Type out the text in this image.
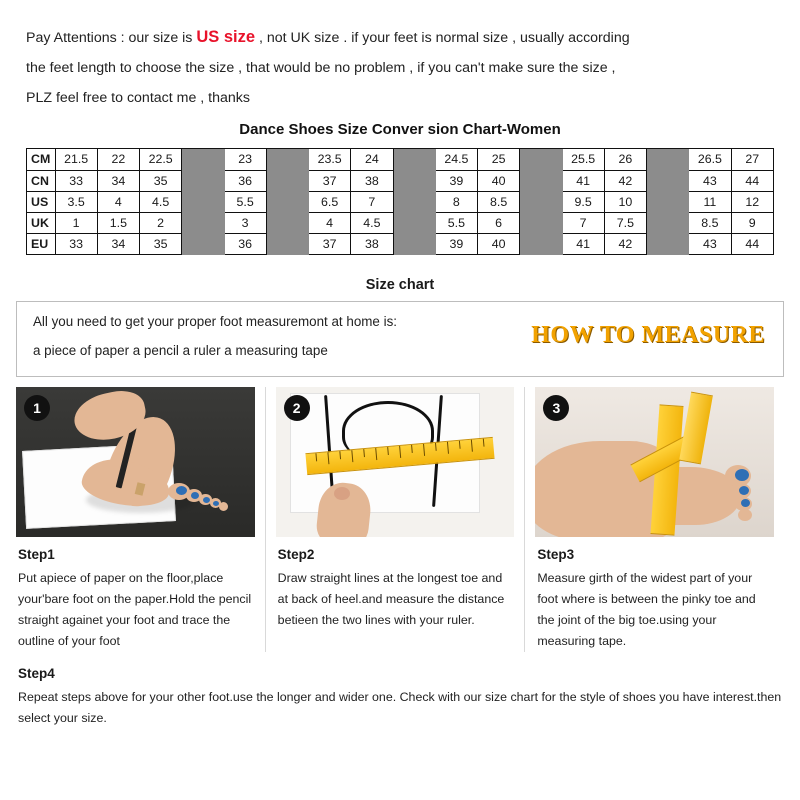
Pay Attentions : our size is US size , not UK size . if your feet is normal size , usually according
the feet length to choose the size , that would be no problem , if you can't make sure the size ,
PLZ feel free to contact me , thanks
Dance Shoes Size Conver sion Chart-Women
CM	21.5	22	22.5		23		23.5	24		24.5	25		25.5	26		26.5	27
CN	33	34	35		36		37	38		39	40		41	42		43	44
US	3.5	4	4.5		5.5		6.5	7		8	8.5		9.5	10		11	12
UK	1	1.5	2		3		4	4.5		5.5	6		7	7.5		8.5	9
EU	33	34	35		36		37	38		39	40		41	42		43	44
Size chart

All you need to get your proper foot measuremont at home is:

a piece of paper a pencil a ruler a measuring tape

HOW TO MEASURE
1
Step1
Put apiece of paper on the floor,place your'bare foot on the paper.Hold the pencil straight againet your foot and trace the outline of your foot
2
Step2
Draw straight lines at the longest toe and at back of heel.and measure the distance betieen the two lines with your ruler.
3
Step3
Measure girth of the widest part of your foot where is between the pinky toe and the joint of the big toe.using your measuring tape.
Step4
Repeat steps above for your other foot.use the longer and wider one. Check with our size chart for the style of shoes you have interest.then select your size.
